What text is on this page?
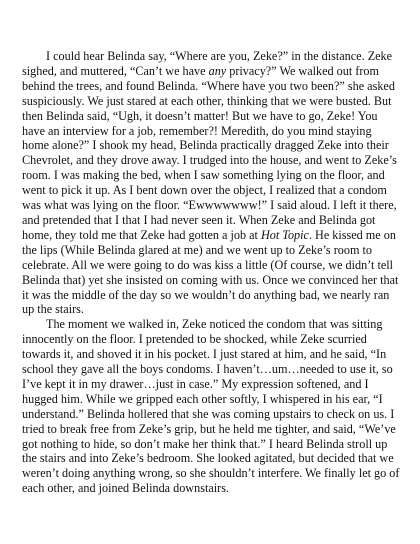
I could hear Belinda say, “Where are you, Zeke?” in the distance. Zeke sighed, and muttered, “Can’t we have any privacy?” We walked out from behind the trees, and found Belinda. “Where have you two been?” she asked suspiciously. We just stared at each other, thinking that we were busted. But then Belinda said, “Ugh, it doesn’t matter! But we have to go, Zeke! You have an interview for a job, remember?! Meredith, do you mind staying home alone?” I shook my head, Belinda practically dragged Zeke into their Chevrolet, and they drove away. I trudged into the house, and went to Zeke’s room. I was making the bed, when I saw something lying on the floor, and went to pick it up. As I bent down over the object, I realized that a condom was what was lying on the floor. “Ewwwwwww!” I said aloud. I left it there, and pretended that I that I had never seen it. When Zeke and Belinda got home, they told me that Zeke had gotten a job at Hot Topic. He kissed me on the lips (While Belinda glared at me) and we went up to Zeke’s room to celebrate. All we were going to do was kiss a little (Of course, we didn’t tell Belinda that) yet she insisted on coming with us. Once we convinced her that it was the middle of the day so we wouldn’t do anything bad, we nearly ran up the stairs.

The moment we walked in, Zeke noticed the condom that was sitting innocently on the floor. I pretended to be shocked, while Zeke scurried towards it, and shoved it in his pocket. I just stared at him, and he said, “In school they gave all the boys condoms. I haven’t…um…needed to use it, so I’ve kept it in my drawer…just in case.” My expression softened, and I hugged him. While we gripped each other softly, I whispered in his ear, “I understand.” Belinda hollered that she was coming upstairs to check on us. I tried to break free from Zeke’s grip, but he held me tighter, and said, “We’ve got nothing to hide, so don’t make her think that.” I heard Belinda stroll up the stairs and into Zeke’s bedroom. She looked agitated, but decided that we weren’t doing anything wrong, so she shouldn’t interfere. We finally let go of each other, and joined Belinda downstairs.
